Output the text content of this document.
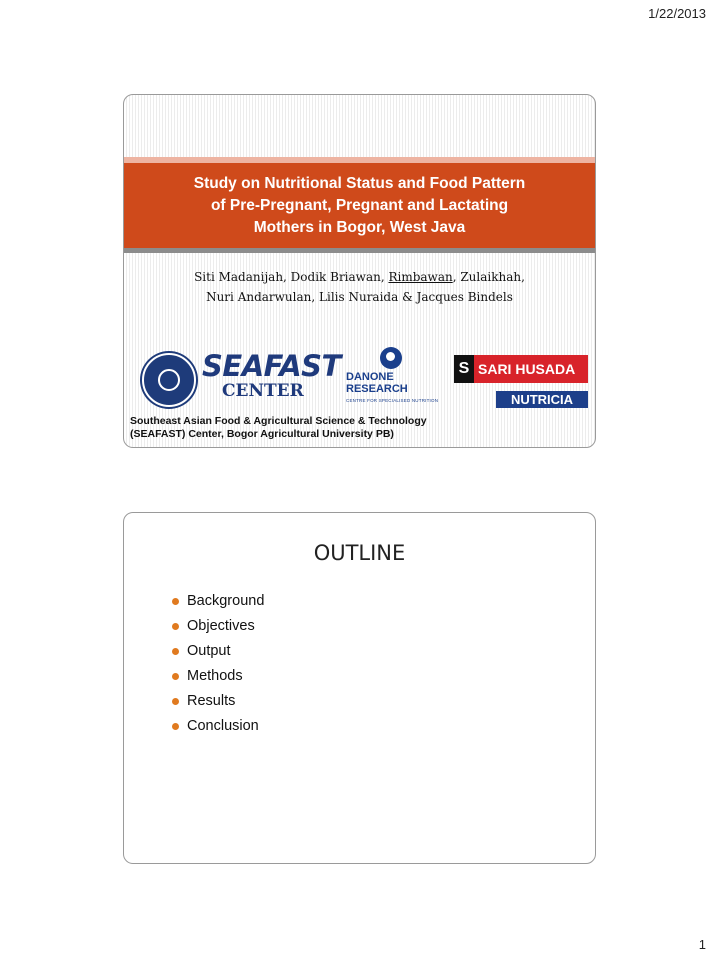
1/22/2013
Study on Nutritional Status and Food Pattern
of Pre-Pregnant, Pregnant and Lactating
Mothers in Bogor, West Java
Siti Madanijah, Dodik Briawan, Rimbawan, Zulaikhah,
Nuri Andarwulan, Lilis Nuraida & Jacques Bindels
SEAFAST
CENTER
DANONE
RESEARCH
CENTRE FOR SPECIALISED NUTRITION
S SARI HUSADA
NUTRICIA
Southeast Asian Food & Agricultural Science & Technology
(SEAFAST) Center, Bogor Agricultural University PB)
OUTLINE
Background
Objectives
Output
Methods
Results
Conclusion
1
